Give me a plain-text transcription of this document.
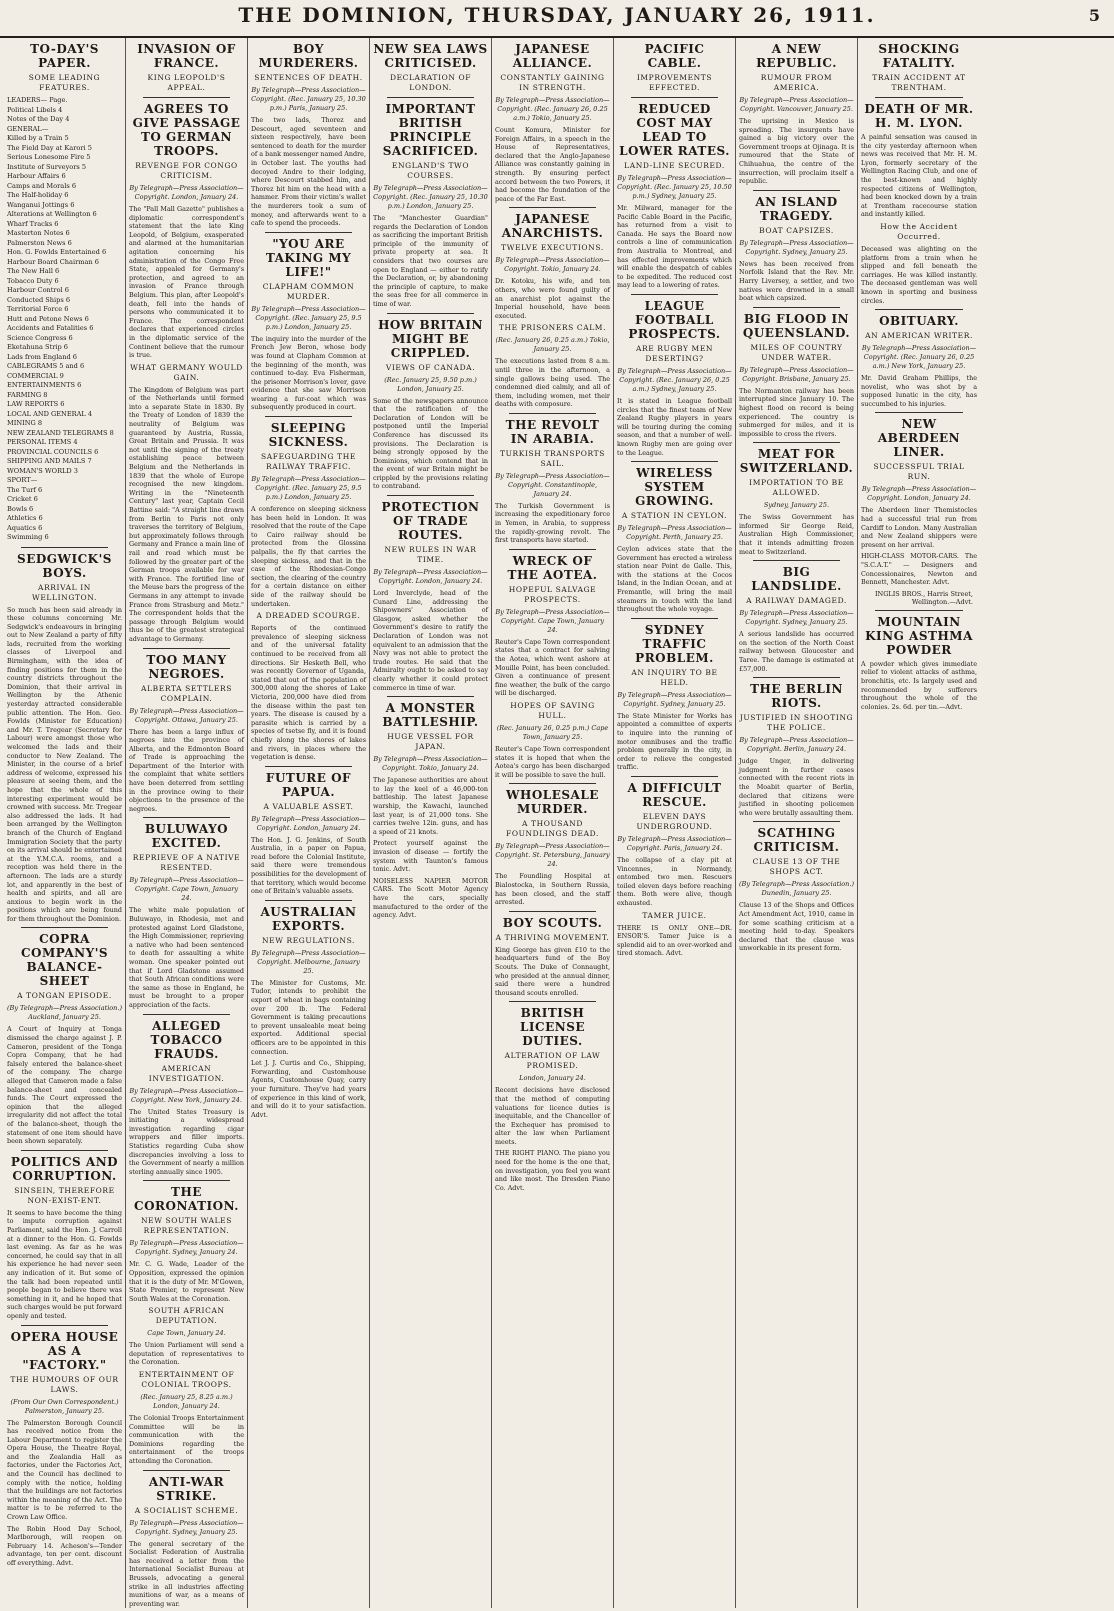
THE DOMINION, THURSDAY, JANUARY 26, 1911.	5
TO-DAY'S PAPER.
SOME LEADING FEATURES.
LEADERS— Page.
Political Libels 4
Notes of the Day 4
GENERAL—
Killed by a Train 5
The Field Day at Karori 5
Serious Lonesome Fire 5
Institute of Surveyors 5
Harbour Affairs 6
Camps and Morals 6
The Half-holiday 6
Wanganui Jottings 6
Alterations at Wellington 6
Wharf Tracks 6
Masterton Notes 6
Palmerston News 6
Hon. G. Fowlds Entertained 6
Harbour Board Chairman 6
The New Hall 6
Tobacco Duty 6
Harbour Control 6
Conducted Ships 6
Territorial Force 6
Hutt and Petone News 6
Accidents and Fatalities 6
Science Congress 6
Eketahuna Strip 6
Lads from England 6
CABLEGRAMS 5 and 6
COMMERCIAL 9
ENTERTAINMENTS 6
FARMING 8
LAW REPORTS 6
LOCAL AND GENERAL 4
MINING 8
NEW ZEALAND TELEGRAMS 8
PERSONAL ITEMS 4
PROVINCIAL COUNCILS 6
SHIPPING AND MAILS 7
WOMAN'S WORLD 3
SPORT—
The Turf 6
Cricket 6
Bowls 6
Athletics 6
Aquatics 6
Swimming 6
SEDGWICK'S BOYS.
ARRIVAL IN WELLINGTON.
So much has been said already in these columns concerning Mr. Sedgwick's endeavours in bringing out to New Zealand a party of fifty lads, recruited from the working classes of Liverpool and Birmingham, with the idea of finding positions for them in the country districts throughout the Dominion, that their arrival in Wellington by the Athenic yesterday attracted considerable public attention. The Hon. Geo. Fowlds (Minister for Education) and Mr. T. Tregear (Secretary for Labour) were amongst those who welcomed the lads and their conductor to New Zealand. The Minister, in the course of a brief address of welcome, expressed his pleasure at seeing them, and the hope that the whole of this interesting experiment would be crowned with success. Mr. Tregear also addressed the lads. It had been arranged by the Wellington branch of the Church of England Immigration Society that the party on its arrival should be entertained at the Y.M.C.A. rooms, and a reception was held there in the afternoon. The lads are a sturdy lot, and apparently in the best of health and spirits, and all are anxious to begin work in the positions which are being found for them throughout the Dominion.
COPRA COMPANY'S BALANCE-SHEET
A TONGAN EPISODE.
(By Telegraph—Press Association.) Auckland, January 25.
A Court of Inquiry at Tonga dismissed the charge against J. P. Cameron, president of the Tonga Copra Company, that he had falsely entered the balance-sheet of the company. The charge alleged that Cameron made a false balance-sheet and concealed funds. The Court expressed the opinion that the alleged irregularity did not affect the total of the balance-sheet, though the statement of one item should have been shown separately.
POLITICS AND CORRUPTION.
SINSEIN, THEREFORE NON-EXIST-ENT.
It seems to have become the thing to impute corruption against Parliament, said the Hon. J. Carroll at a dinner to the Hon. G. Fowlds last evening. As far as he was concerned, he could say that in all his experience he had never seen any indication of it. But some of the talk had been repeated until people began to believe there was something in it, and he hoped that such charges would be put forward openly and tested.
OPERA HOUSE AS A "FACTORY."
THE HUMOURS OF OUR LAWS.
(From Our Own Correspondent.) Palmerston, January 25.
The Palmerston Borough Council has received notice from the Labour Department to register the Opera House, the Theatre Royal, and the Zealandia Hall as factories, under the Factories Act, and the Council has declined to comply with the notice, holding that the buildings are not factories within the meaning of the Act. The matter is to be referred to the Crown Law Office.
The Robin Hood Day School, Marlborough, will reopen on February 14. Acheson's—Tender advantage, ten per cent. discount off everything. Advt.
INVASION OF FRANCE.
KING LEOPOLD'S APPEAL.
AGREES TO GIVE PASSAGE TO GERMAN TROOPS.
REVENGE FOR CONGO CRITICISM.
By Telegraph—Press Association—Copyright. London, January 24.
The "Pall Mall Gazette" publishes a diplomatic correspondent's statement that the late King Leopold, of Belgium, exasperated and alarmed at the humanitarian agitation concerning his administration of the Congo Free State, appealed for Germany's protection, and agreed to an invasion of France through Belgium. This plan, after Leopold's death, fell into the hands of persons who communicated it to France. The correspondent declares that experienced circles in the diplomatic service of the Continent believe that the rumour is true.
WHAT GERMANY WOULD GAIN.
The Kingdom of Belgium was part of the Netherlands until formed into a separate State in 1830. By the Treaty of London of 1839 the neutrality of Belgium was guaranteed by Austria, Russia, Great Britain and Prussia. It was not until the signing of the treaty establishing peace between Belgium and the Netherlands in 1839 that the whole of Europe recognised the new kingdom. Writing in the "Nineteenth Century" last year, Captain Cecil Battine said: "A straight line drawn from Berlin to Paris not only traverses the territory of Belgium, but approximately follows through Germany and France a main line of rail and road which must be followed by the greater part of the German troops available for war with France. The fortified line of the Meuse bars the progress of the Germans in any attempt to invade France from Strasburg and Metz." The correspondent holds that the passage through Belgium would thus be of the greatest strategical advantage to Germany.
TOO MANY NEGROES.
ALBERTA SETTLERS COMPLAIN.
By Telegraph—Press Association—Copyright. Ottawa, January 25.
There has been a large influx of negroes into the province of Alberta, and the Edmonton Board of Trade is approaching the Department of the Interior with the complaint that white settlers have been deterred from settling in the province owing to their objections to the presence of the negroes.
BULUWAYO EXCITED.
REPRIEVE OF A NATIVE RESENTED.
By Telegraph—Press Association—Copyright. Cape Town, January 24.
The white male population of Buluwayo, in Rhodesia, met and protested against Lord Gladstone, the High Commissioner, reprieving a native who had been sentenced to death for assaulting a white woman. One speaker pointed out that if Lord Gladstone assumed that South African conditions were the same as those in England, he must be brought to a proper appreciation of the facts.
ALLEGED TOBACCO FRAUDS.
AMERICAN INVESTIGATION.
By Telegraph—Press Association—Copyright. New York, January 24.
The United States Treasury is initiating a widespread investigation regarding cigar wrappers and filler imports. Statistics regarding Cuba show discrepancies involving a loss to the Government of nearly a million sterling annually since 1905.
THE CORONATION.
NEW SOUTH WALES REPRESENTATION.
By Telegraph—Press Association—Copyright. Sydney, January 24.
Mr. C. G. Wade, Leader of the Opposition, expressed the opinion that it is the duty of Mr. M'Gowen, State Premier, to represent New South Wales at the Coronation.
SOUTH AFRICAN DEPUTATION.
Cape Town, January 24.
The Union Parliament will send a deputation of representatives to the Coronation.
ENTERTAINMENT OF COLONIAL TROOPS.
(Rec. January 25, 8.25 a.m.) London, January 24.
The Colonial Troops Entertainment Committee will be in communication with the Dominions regarding the entertainment of the troops attending the Coronation.
ANTI-WAR STRIKE.
A SOCIALIST SCHEME.
By Telegraph—Press Association—Copyright. Sydney, January 25.
The general secretary of the Socialist Federation of Australia has received a letter from the International Socialist Bureau at Brussels, advocating a general strike in all industries affecting munitions of war, as a means of preventing war.
BOY MURDERERS.
SENTENCES OF DEATH.
By Telegraph—Press Association—Copyright. (Rec. January 25, 10.30 p.m.) Paris, January 25.
The two lads, Thorez and Descourt, aged seventeen and sixteen respectively, have been sentenced to death for the murder of a bank messenger named Andre, in October last. The youths had decoyed Andre to their lodging, where Descourt stabbed him, and Thorez hit him on the head with a hammer. From their victim's wallet the murderers took a sum of money, and afterwards went to a cafe to spend the proceeds.
"YOU ARE TAKING MY LIFE!"
CLAPHAM COMMON MURDER.
By Telegraph—Press Association—Copyright. (Rec. January 25, 9.5 p.m.) London, January 25.
The inquiry into the murder of the French Jew Beron, whose body was found at Clapham Common at the beginning of the month, was continued to-day. Eva Fisherman, the prisoner Morrison's lover, gave evidence that she saw Morrison wearing a fur-coat which was subsequently produced in court.
SLEEPING SICKNESS.
SAFEGUARDING THE RAILWAY TRAFFIC.
By Telegraph—Press Association—Copyright. (Rec. January 25, 9.5 p.m.) London, January 25.
A conference on sleeping sickness has been held in London. It was resolved that the route of the Cape to Cairo railway should be protected from the Glossina palpalis, the fly that carries the sleeping sickness, and that in the case of the Rhodesian-Congo section, the clearing of the country for a certain distance on either side of the railway should be undertaken.
A DREADED SCOURGE.
Reports of the continued prevalence of sleeping sickness and of the universal fatality continued to be received from all directions. Sir Hesketh Bell, who was recently Governor of Uganda, stated that out of the population of 300,000 along the shores of Lake Victoria, 200,000 have died from the disease within the past ten years. The disease is caused by a parasite which is carried by a species of tsetse fly, and it is found chiefly along the shores of lakes and rivers, in places where the vegetation is dense.
FUTURE OF PAPUA.
A VALUABLE ASSET.
By Telegraph—Press Association—Copyright. London, January 24.
The Hon. J. G. Jenkins, of South Australia, in a paper on Papua, read before the Colonial Institute, said there were tremendous possibilities for the development of that territory, which would become one of Britain's valuable assets.
AUSTRALIAN EXPORTS.
NEW REGULATIONS.
By Telegraph—Press Association—Copyright. Melbourne, January 25.
The Minister for Customs, Mr. Tudor, intends to prohibit the export of wheat in bags containing over 200 lb. The Federal Government is taking precautions to prevent unsaleable meat being exported. Additional special officers are to be appointed in this connection.
Let J. J. Curtis and Co., Shipping, Forwarding, and Customhouse Agents, Customhouse Quay, carry your furniture. They've had years of experience in this kind of work, and will do it to your satisfaction. Advt.
NEW SEA LAWS CRITICISED.
DECLARATION OF LONDON.
IMPORTANT BRITISH PRINCIPLE SACRIFICED.
ENGLAND'S TWO COURSES.
By Telegraph—Press Association—Copyright. (Rec. January 25, 10.30 p.m.) London, January 25.
The "Manchester Guardian" regards the Declaration of London as sacrificing the important British principle of the immunity of private property at sea. It considers that two courses are open to England — either to ratify the Declaration, or, by abandoning the principle of capture, to make the seas free for all commerce in time of war.
HOW BRITAIN MIGHT BE CRIPPLED.
VIEWS OF CANADA.
(Rec. January 25, 9.50 p.m.) London, January 25.
Some of the newspapers announce that the ratification of the Declaration of London will be postponed until the Imperial Conference has discussed its provisions. The Declaration is being strongly opposed by the Dominions, which contend that in the event of war Britain might be crippled by the provisions relating to contraband.
PROTECTION OF TRADE ROUTES.
NEW RULES IN WAR TIME.
By Telegraph—Press Association—Copyright. London, January 24.
Lord Inverclyde, head of the Cunard Line, addressing the Shipowners' Association of Glasgow, asked whether the Government's desire to ratify the Declaration of London was not equivalent to an admission that the Navy was not able to protect the trade routes. He said that the Admiralty ought to be asked to say clearly whether it could protect commerce in time of war.
A MONSTER BATTLESHIP.
HUGE VESSEL FOR JAPAN.
By Telegraph—Press Association—Copyright. Tokio, January 24.
The Japanese authorities are about to lay the keel of a 46,000-ton battleship. The latest Japanese warship, the Kawachi, launched last year, is of 21,000 tons. She carries twelve 12in. guns, and has a speed of 21 knots.
Protect yourself against the invasion of disease — fortify the system with Taunton's famous tonic. Advt.
NOISELESS NAPIER MOTOR CARS. The Scott Motor Agency have the cars, specially manufactured to the order of the agency. Advt.
JAPANESE ALLIANCE.
CONSTANTLY GAINING IN STRENGTH.
By Telegraph—Press Association—Copyright. (Rec. January 26, 0.25 a.m.) Tokio, January 25.
Count Komura, Minister for Foreign Affairs, in a speech in the House of Representatives, declared that the Anglo-Japanese Alliance was constantly gaining in strength. By ensuring perfect accord between the two Powers, it had become the foundation of the peace of the Far East.
JAPANESE ANARCHISTS.
TWELVE EXECUTIONS.
By Telegraph—Press Association—Copyright. Tokio, January 24.
Dr. Kotoku, his wife, and ten others, who were found guilty of an anarchist plot against the Imperial household, have been executed.
THE PRISONERS CALM.
(Rec. January 26, 0.25 a.m.) Tokio, January 25.
The executions lasted from 8 a.m. until three in the afternoon, a single gallows being used. The condemned died calmly, and all of them, including women, met their deaths with composure.
THE REVOLT IN ARABIA.
TURKISH TRANSPORTS SAIL.
By Telegraph—Press Association—Copyright. Constantinople, January 24.
The Turkish Government is increasing the expeditionary force in Yemen, in Arabia, to suppress the rapidly-growing revolt. The first transports have started.
WRECK OF THE AOTEA.
HOPEFUL SALVAGE PROSPECTS.
By Telegraph—Press Association—Copyright. Cape Town, January 24.
Reuter's Cape Town correspondent states that a contract for salving the Aotea, which went ashore at Mouille Point, has been concluded. Given a continuance of present fine weather, the bulk of the cargo will be discharged.
HOPES OF SAVING HULL.
(Rec. January 26, 0.25 p.m.) Cape Town, January 25.
Reuter's Cape Town correspondent states it is hoped that when the Aotea's cargo has been discharged it will be possible to save the hull.
WHOLESALE MURDER.
A THOUSAND FOUNDLINGS DEAD.
By Telegraph—Press Association—Copyright. St. Petersburg, January 24.
The Foundling Hospital at Bialostocka, in Southern Russia, has been closed, and the staff arrested.
BOY SCOUTS.
A THRIVING MOVEMENT.
King George has given £10 to the headquarters fund of the Boy Scouts. The Duke of Connaught, who presided at the annual dinner, said there were a hundred thousand scouts enrolled.
BRITISH LICENSE DUTIES.
ALTERATION OF LAW PROMISED.
London, January 24.
Recent decisions have disclosed that the method of computing valuations for licence duties is inequitable, and the Chancellor of the Exchequer has promised to alter the law when Parliament meets.
THE RIGHT PIANO. The piano you need for the home is the one that, on investigation, you feel you want and like most. The Dresden Piano Co. Advt.
PACIFIC CABLE.
IMPROVEMENTS EFFECTED.
REDUCED COST MAY LEAD TO LOWER RATES.
LAND-LINE SECURED.
By Telegraph—Press Association—Copyright. (Rec. January 25, 10.50 p.m.) Sydney, January 25.
Mr. Milward, manager for the Pacific Cable Board in the Pacific, has returned from a visit to Canada. He says the Board now controls a line of communication from Australia to Montreal, and has effected improvements which will enable the despatch of cables to be expedited. The reduced cost may lead to a lowering of rates.
LEAGUE FOOTBALL PROSPECTS.
ARE RUGBY MEN DESERTING?
By Telegraph—Press Association—Copyright. (Rec. January 26, 0.25 a.m.) Sydney, January 25.
It is stated in League football circles that the finest team of New Zealand Rugby players in years will be touring during the coming season, and that a number of well-known Rugby men are going over to the League.
WIRELESS SYSTEM GROWING.
A STATION IN CEYLON.
By Telegraph—Press Association—Copyright. Perth, January 25.
Ceylon advices state that the Government has erected a wireless station near Point de Galle. This, with the stations at the Cocos Island, in the Indian Ocean, and at Fremantle, will bring the mail steamers in touch with the land throughout the whole voyage.
SYDNEY TRAFFIC PROBLEM.
AN INQUIRY TO BE HELD.
By Telegraph—Press Association—Copyright. Sydney, January 25.
The State Minister for Works has appointed a committee of experts to inquire into the running of motor omnibuses and the traffic problem generally in the city, in order to relieve the congested traffic.
A DIFFICULT RESCUE.
ELEVEN DAYS UNDERGROUND.
By Telegraph—Press Association—Copyright. Paris, January 24.
The collapse of a clay pit at Vincennes, in Normandy, entombed two men. Rescuers toiled eleven days before reaching them. Both were alive, though exhausted.
TAMER JUICE.
THERE IS ONLY ONE—DR. ENSOR'S. Tamer Juice is a splendid aid to an over-worked and tired stomach. Advt.
A NEW REPUBLIC.
RUMOUR FROM AMERICA.
By Telegraph—Press Association—Copyright. Vancouver, January 25.
The uprising in Mexico is spreading. The insurgents have gained a big victory over the Government troops at Ojinaga. It is rumoured that the State of Chihuahua, the centre of the insurrection, will proclaim itself a republic.
AN ISLAND TRAGEDY.
BOAT CAPSIZES.
By Telegraph—Press Association—Copyright. Sydney, January 25.
News has been received from Norfolk Island that the Rev. Mr. Harry Liversey, a settler, and two natives were drowned in a small boat which capsized.
BIG FLOOD IN QUEENSLAND.
MILES OF COUNTRY UNDER WATER.
By Telegraph—Press Association—Copyright. Brisbane, January 25.
The Normanton railway has been interrupted since January 10. The highest flood on record is being experienced. The country is submerged for miles, and it is impossible to cross the rivers.
MEAT FOR SWITZERLAND.
IMPORTATION TO BE ALLOWED.
Sydney, January 25.
The Swiss Government has informed Sir George Reid, Australian High Commissioner, that it intends admitting frozen meat to Switzerland.
BIG LANDSLIDE.
A RAILWAY DAMAGED.
By Telegraph—Press Association—Copyright. Sydney, January 25.
A serious landslide has occurred on the section of the North Coast railway between Gloucester and Taree. The damage is estimated at £57,000.
THE BERLIN RIOTS.
JUSTIFIED IN SHOOTING THE POLICE.
By Telegraph—Press Association—Copyright. Berlin, January 24.
Judge Unger, in delivering judgment in further cases connected with the recent riots in the Moabit quarter of Berlin, declared that citizens were justified in shooting policemen who were brutally assaulting them.
SCATHING CRITICISM.
CLAUSE 13 OF THE SHOPS ACT.
(By Telegraph—Press Association.) Dunedin, January 25.
Clause 13 of the Shops and Offices Act Amendment Act, 1910, came in for some scathing criticism at a meeting held to-day. Speakers declared that the clause was unworkable in its present form.
SHOCKING FATALITY.
TRAIN ACCIDENT AT TRENTHAM.
DEATH OF MR. H. M. LYON.
A painful sensation was caused in the city yesterday afternoon when news was received that Mr. H. M. Lyon, formerly secretary of the Wellington Racing Club, and one of the best-known and highly respected citizens of Wellington, had been knocked down by a train at Trentham racecourse station and instantly killed.
How the Accident Occurred.
Deceased was alighting on the platform from a train when he slipped and fell beneath the carriages. He was killed instantly. The deceased gentleman was well known in sporting and business circles.
OBITUARY.
AN AMERICAN WRITER.
By Telegraph—Press Association—Copyright. (Rec. January 26, 0.25 a.m.) New York, January 25.
Mr. David Graham Phillips, the novelist, who was shot by a supposed lunatic in the city, has succumbed to his injuries.
NEW ABERDEEN LINER.
SUCCESSFUL TRIAL RUN.
By Telegraph—Press Association—Copyright. London, January 24.
The Aberdeen liner Themistocles had a successful trial run from Cardiff to London. Many Australian and New Zealand shippers were present on her arrival.
HIGH-CLASS MOTOR-CARS. The "S.C.A.T." — Designers and Concessionaires, Newton and Bennett, Manchester. Advt.
INGLIS BROS., Harris Street, Wellington.—Advt.
MOUNTAIN KING ASTHMA POWDER
A powder which gives immediate relief to violent attacks of asthma, bronchitis, etc. Is largely used and recommended by sufferers throughout the whole of the colonies. 2s. 6d. per tin.—Advt.
